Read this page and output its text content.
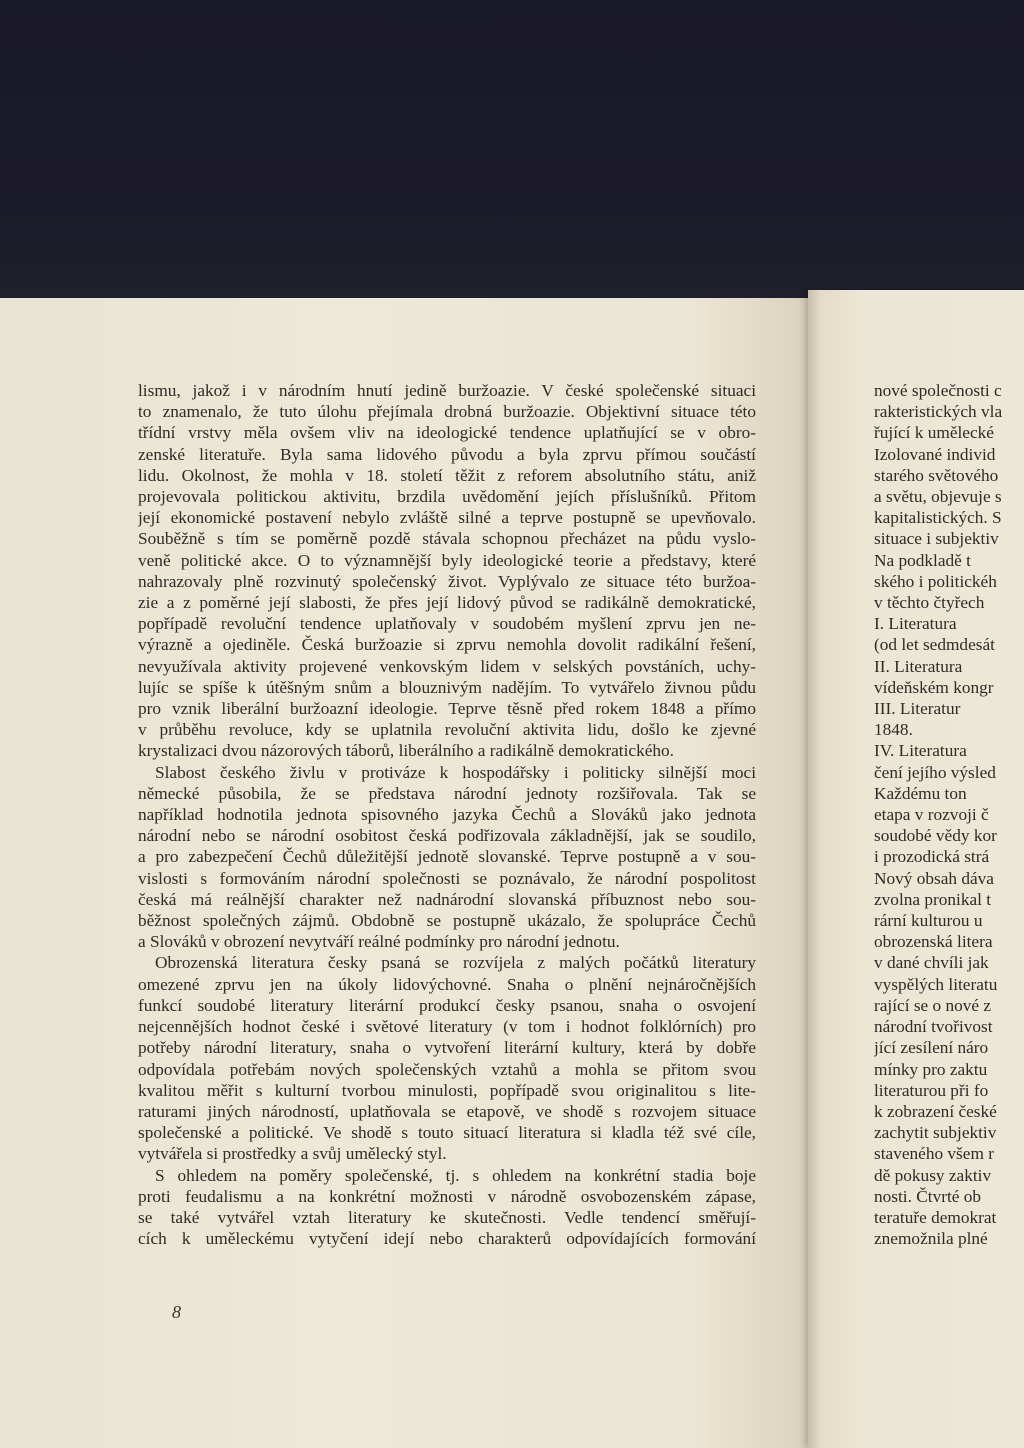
lismu, jakož i v národním hnutí jedině buržoazie. V české společenské situaci
to znamenalo, že tuto úlohu přejímala drobná buržoazie. Objektivní situace této
třídní vrstvy měla ovšem vliv na ideologické tendence uplatňující se v obro-
zenské literatuře. Byla sama lidového původu a byla zprvu přímou součástí
lidu. Okolnost, že mohla v 18. století těžit z reforem absolutního státu, aniž
projevovala politickou aktivitu, brzdila uvědomění jejích příslušníků. Přitom
její ekonomické postavení nebylo zvláště silné a teprve postupně se upevňovalo.
Souběžně s tím se poměrně pozdě stávala schopnou přecházet na půdu vyslo-
veně politické akce. O to významnější byly ideologické teorie a představy, které
nahrazovaly plně rozvinutý společenský život. Vyplývalo ze situace této buržoa-
zie a z poměrné její slabosti, že přes její lidový původ se radikálně demokratické,
popřípadě revoluční tendence uplatňovaly v soudobém myšlení zprvu jen ne-
výrazně a ojediněle. Česká buržoazie si zprvu nemohla dovolit radikální řešení,
nevyužívala aktivity projevené venkovským lidem v selských povstáních, uchy-
lujíc se spíše k útěšným snům a blouznivým nadějím. To vytvářelo živnou půdu
pro vznik liberální buržoazní ideologie. Teprve těsně před rokem 1848 a přímo
v průběhu revoluce, kdy se uplatnila revoluční aktivita lidu, došlo ke zjevné
krystalizaci dvou názorových táborů, liberálního a radikálně demokratického.
Slabost českého živlu v protiváze k hospodářsky i politicky silnější moci
německé působila, že se představa národní jednoty rozšiřovala. Tak se
například hodnotila jednota spisovného jazyka Čechů a Slováků jako jednota
národní nebo se národní osobitost česká podřizovala základnější, jak se soudilo,
a pro zabezpečení Čechů důležitější jednotě slovanské. Teprve postupně a v sou-
vislosti s formováním národní společnosti se poznávalo, že národní pospolitost
česká má reálnější charakter než nadnárodní slovanská příbuznost nebo sou-
běžnost společných zájmů. Obdobně se postupně ukázalo, že spolupráce Čechů
a Slováků v obrození nevytváří reálné podmínky pro národní jednotu.
Obrozenská literatura česky psaná se rozvíjela z malých počátků literatury
omezené zprvu jen na úkoly lidovýchovné. Snaha o plnění nejnáročnějších
funkcí soudobé literatury literární produkcí česky psanou, snaha o osvojení
nejcennějších hodnot české i světové literatury (v tom i hodnot folklórních) pro
potřeby národní literatury, snaha o vytvoření literární kultury, která by dobře
odpovídala potřebám nových společenských vztahů a mohla se přitom svou
kvalitou měřit s kulturní tvorbou minulosti, popřípadě svou originalitou s lite-
raturami jiných národností, uplatňovala se etapově, ve shodě s rozvojem situace
společenské a politické. Ve shodě s touto situací literatura si kladla též své cíle,
vytvářela si prostředky a svůj umělecký styl.
S ohledem na poměry společenské, tj. s ohledem na konkrétní stadia boje
proti feudalismu a na konkrétní možnosti v národně osvobozenském zápase,
se také vytvářel vztah literatury ke skutečnosti. Vedle tendencí směřují-
cích k uměleckému vytyčení idejí nebo charakterů odpovídajících formování
8
nové společnosti c
rakteristických vla
řující k umělecké
Izolované individ
starého světového
a světu, objevuje s
kapitalistických. S
situace i subjektiv
Na podkladě t
ského i politickéh
v těchto čtyřech
I. Literatura
(od let sedmdesát
II. Literatura
vídeňském kongr
III. Literatur
1848.
IV. Literatura
čení jejího výsled
Každému ton
etapa v rozvoji č
soudobé vědy kor
i prozodická strá
Nový obsah dáva
zvolna pronikal t
rární kulturou u
obrozenská litera
v dané chvíli jak
vyspělých literatu
rající se o nové z
národní tvořivost
jící zesílení náro
mínky pro zaktu
literaturou při fo
k zobrazení české
zachytit subjektiv
staveného všem r
dě pokusy zaktiv
nosti. Čtvrté ob
teratuře demokrat
znemožnila plné
